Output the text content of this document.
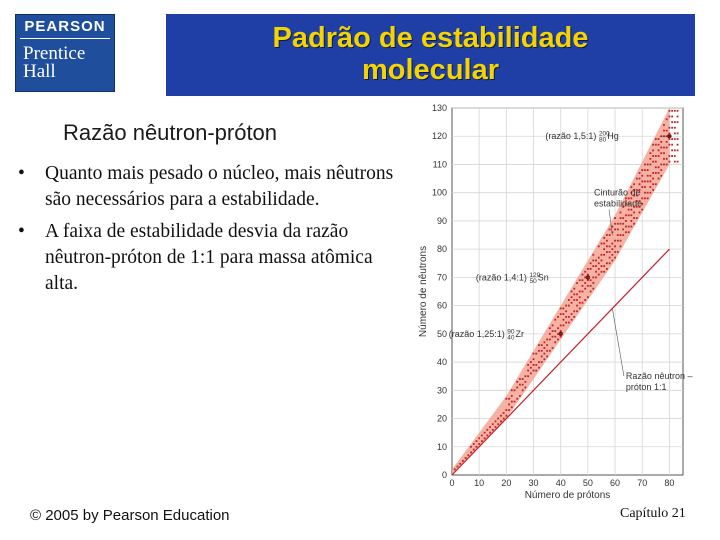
PEARSON
Prentice
Hall
Padrão de estabilidade
molecular
Razão nêutron-próton
• Quanto mais pesado o núcleo, mais nêutrons são necessários para a estabilidade.
• A faixa de estabilidade desvia da razão nêutron-próton de 1:1 para massa atômica alta.
0 10 20 30 40 50 60 70 80
0
10
20
30
40
50
60
70
80
90
100
110
120
130
Número de prótons
Número de nêutrons
Cinturão de
estabilidade
Razão nêutron –
próton 1:1
(razão 1,5:1) $^{200}$ 80Hg
(razão 1,4:1) $^{120}$ 50Sn
(razão 1,25:1) $^{90}$ 40Zr
© 2005 by Pearson Education	Capítulo 21
